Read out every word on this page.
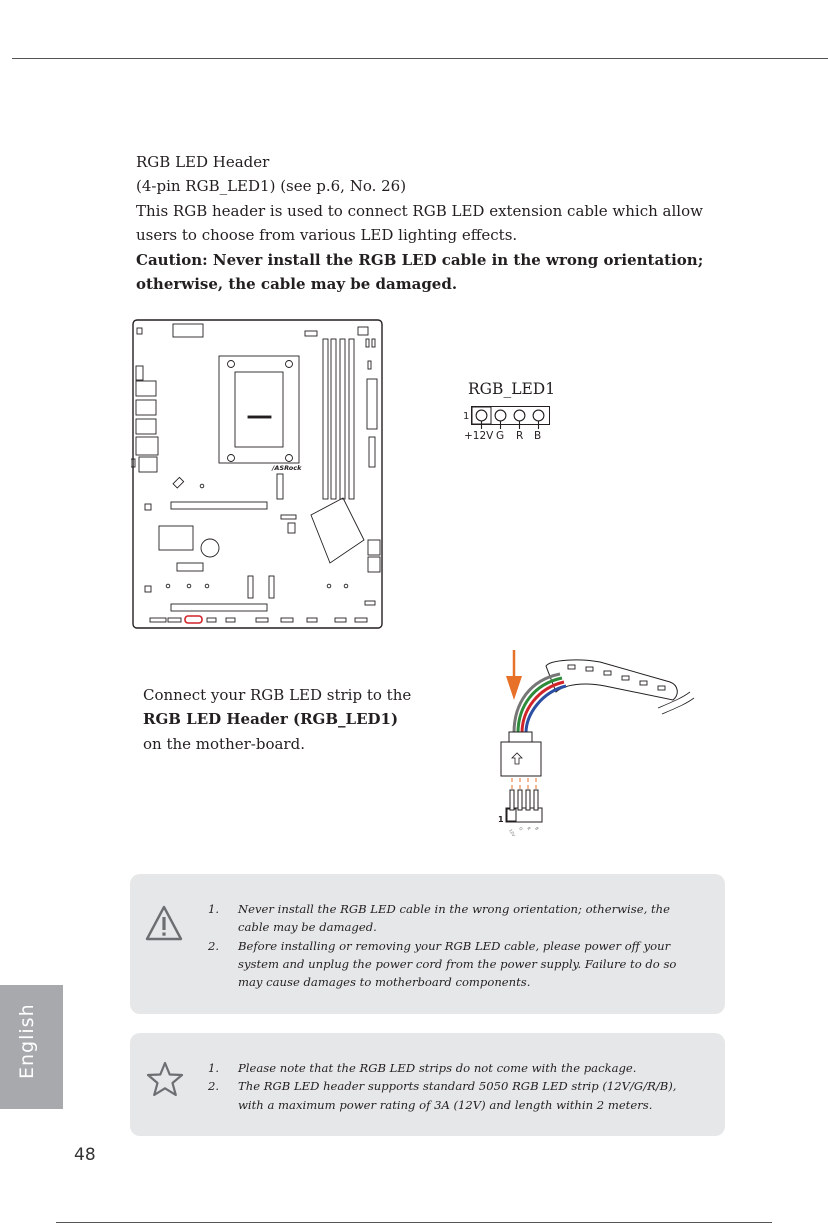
RGB LED Header

(4-pin RGB_LED1) (see p.6, No. 26)

This RGB header is used to connect RGB LED extension cable which allow users to choose from various LED lighting effects.

Caution: Never install the RGB LED cable in the wrong orientation; otherwise, the cable may be damaged.

/ASRock
RGB_LED1
1
+12V G R B
Connect your RGB LED strip to the RGB LED Header (RGB_LED1) on the mother-board.
1
12V G R B
1. Never install the RGB LED cable in the wrong orientation; otherwise, the cable may be damaged.
2. Before installing or removing your RGB LED cable, please power off your system and unplug the power cord from the power supply. Failure to do so may cause damages to motherboard components.
1. Please note that the RGB LED strips do not come with the package.
2. The RGB LED header supports standard 5050 RGB LED strip (12V/G/R/B), with a maximum power rating of 3A (12V) and length within 2 meters.
English
48
